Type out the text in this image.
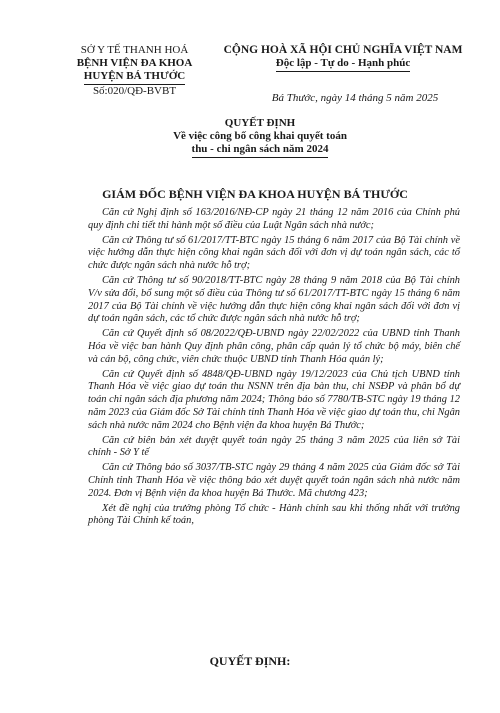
SỞ Y TẾ THANH HOÁ
BỆNH VIỆN ĐA KHOA
HUYỆN BÁ THƯỚC
Số:020/QĐ-BVBT
CỘNG HOÀ XÃ HỘI CHỦ NGHĨA VIỆT NAM
Độc lập - Tự do - Hạnh phúc
Bá Thước, ngày 14 tháng 5 năm 2025
QUYẾT ĐỊNH
Về việc công bố công khai quyết toán
thu - chi ngân sách năm 2024
GIÁM ĐỐC BỆNH VIỆN ĐA KHOA HUYỆN BÁ THƯỚC

Căn cứ Nghị định số 163/2016/NĐ-CP ngày 21 tháng 12 năm 2016 của Chính phủ quy định chi tiết thi hành một số điều của Luật Ngân sách nhà nước;

Căn cứ Thông tư số 61/2017/TT-BTC ngày 15 tháng 6 năm 2017 của Bộ Tài chính về việc hướng dẫn thực hiện công khai ngân sách đối với đơn vị dự toán ngân sách, các tổ chức được ngân sách nhà nước hỗ trợ;

Căn cứ Thông tư số 90/2018/TT-BTC ngày 28 tháng 9 năm 2018 của Bộ Tài chính V/v sửa đổi, bổ sung một số điều của Thông tư số 61/2017/TT-BTC ngày 15 tháng 6 năm 2017 của Bộ Tài chính về việc hướng dẫn thực hiện công khai ngân sách đối với đơn vị dự toán ngân sách, các tổ chức được ngân sách nhà nước hỗ trợ;

Căn cứ Quyết định số 08/2022/QĐ-UBND ngày 22/02/2022 của UBND tỉnh Thanh Hóa về việc ban hành Quy định phân công, phân cấp quản lý tổ chức bộ máy, biên chế và cán bộ, công chức, viên chức thuộc UBND tỉnh Thanh Hóa quản lý;

Căn cứ Quyết định số 4848/QĐ-UBND ngày 19/12/2023 của Chủ tịch UBND tỉnh Thanh Hóa về việc giao dự toán thu NSNN trên địa bàn thu, chi NSĐP và phân bổ dự toán chi ngân sách địa phương năm 2024; Thông báo số 7780/TB-STC ngày 19 tháng 12 năm 2023 của Giám đốc Sở Tài chính tỉnh Thanh Hóa về việc giao dự toán thu, chi Ngân sách nhà nước năm 2024 cho Bệnh viện đa khoa huyện Bá Thước;

Căn cứ biên bản xét duyệt quyết toán ngày 25 tháng 3 năm 2025 của liên sở Tài chính - Sở Y tế

Căn cứ Thông báo số 3037/TB-STC ngày 29 tháng 4 năm 2025 của Giám đốc sở Tài Chính tỉnh Thanh Hóa về việc thông báo xét duyệt quyết toán ngân sách nhà nước năm 2024. Đơn vị Bệnh viện đa khoa huyện Bá Thước. Mã chương 423;

Xét đề nghị của trưởng phòng Tổ chức - Hành chính sau khi thống nhất với trưởng phòng Tài Chính kế toán,

QUYẾT ĐỊNH:
